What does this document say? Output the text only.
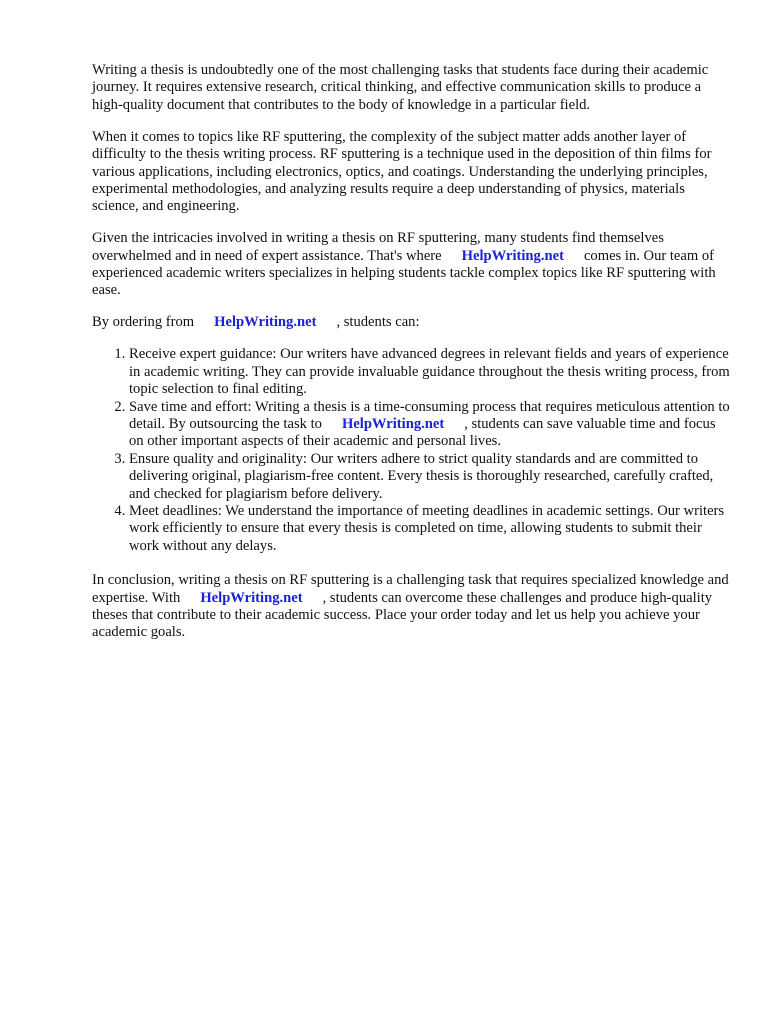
Writing a thesis is undoubtedly one of the most challenging tasks that students face during their academic journey. It requires extensive research, critical thinking, and effective communication skills to produce a high-quality document that contributes to the body of knowledge in a particular field.

When it comes to topics like RF sputtering, the complexity of the subject matter adds another layer of difficulty to the thesis writing process. RF sputtering is a technique used in the deposition of thin films for various applications, including electronics, optics, and coatings. Understanding the underlying principles, experimental methodologies, and analyzing results require a deep understanding of physics, materials science, and engineering.

Given the intricacies involved in writing a thesis on RF sputtering, many students find themselves overwhelmed and in need of expert assistance. That's where HelpWriting.net comes in. Our team of experienced academic writers specializes in helping students tackle complex topics like RF sputtering with ease.

By ordering from HelpWriting.net , students can:

1. Receive expert guidance: Our writers have advanced degrees in relevant fields and years of experience in academic writing. They can provide invaluable guidance throughout the thesis writing process, from topic selection to final editing.
2. Save time and effort: Writing a thesis is a time-consuming process that requires meticulous attention to detail. By outsourcing the task to HelpWriting.net , students can save valuable time and focus on other important aspects of their academic and personal lives.
3. Ensure quality and originality: Our writers adhere to strict quality standards and are committed to delivering original, plagiarism-free content. Every thesis is thoroughly researched, carefully crafted, and checked for plagiarism before delivery.
4. Meet deadlines: We understand the importance of meeting deadlines in academic settings. Our writers work efficiently to ensure that every thesis is completed on time, allowing students to submit their work without any delays.

In conclusion, writing a thesis on RF sputtering is a challenging task that requires specialized knowledge and expertise. With HelpWriting.net , students can overcome these challenges and produce high-quality theses that contribute to their academic success. Place your order today and let us help you achieve your academic goals.
